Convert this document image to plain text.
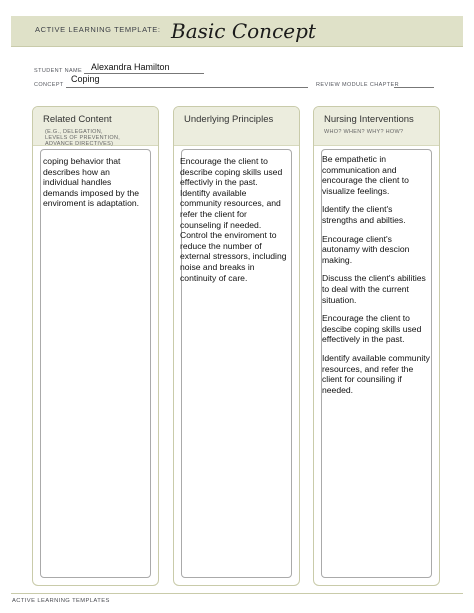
ACTIVE LEARNING TEMPLATE: Basic Concept
STUDENT NAME Alexandra Hamilton
CONCEPT
Coping
REVIEW MODULE CHAPTER
Related Content
(E.G., DELEGATION, LEVELS OF PREVENTION, ADVANCE DIRECTIVES)
coping behavior that describes how an individual handles demands imposed by the enviroment is adaptation.
Underlying Principles
Encourage the client to describe coping skills used effectivly in the past. Identifty available community resources, and refer the client for counseling if needed. Control the enviroment to reduce the number of external stressors, including noise and breaks in continuity of care.
Nursing Interventions
WHO? WHEN? WHY? HOW?

Be empathetic in communication and encourage the client to visualize feelings.

Identify the client's strengths and abilties.

Encourage client's autonamy with descion making.

Discuss the client's abilities to deal with the current situation.

Encourage the client to descibe coping skills used effectively in the past.

Identify available community resources, and refer the client for counsiling if needed.

ACTIVE LEARNING TEMPLATES
